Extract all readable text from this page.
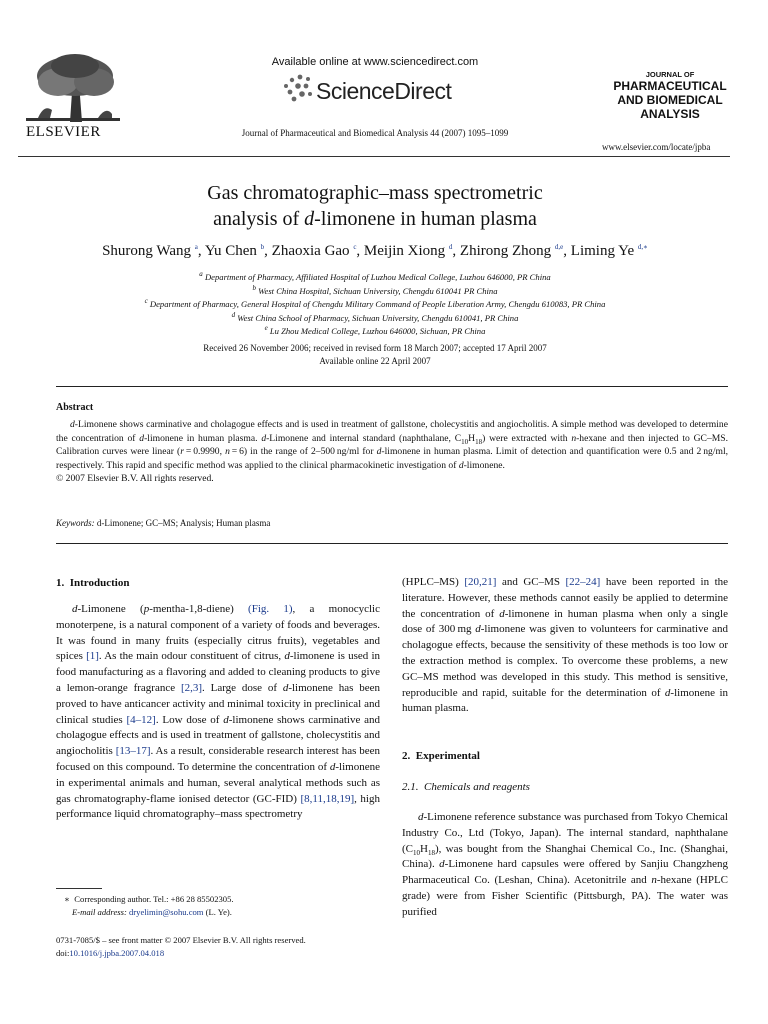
ELSEVIER
Available online at www.sciencedirect.com
ScienceDirect
Journal of Pharmaceutical and Biomedical Analysis 44 (2007) 1095–1099
JOURNAL OF
PHARMACEUTICAL
AND BIOMEDICAL
ANALYSIS
www.elsevier.com/locate/jpba
Gas chromatographic–mass spectrometric
analysis of d-limonene in human plasma
Shurong Wang $^a$, Yu Chen $^b$, Zhaoxia Gao $^c$, Meijin Xiong $^d$, Zhirong Zhong $^{d,e}$, Liming Ye $^{d,∗}$
$^a$ Department of Pharmacy, Affiliated Hospital of Luzhou Medical College, Luzhou 646000, PR China
$^b$ West China Hospital, Sichuan University, Chengdu 610041 PR China
$^c$ Department of Pharmacy, General Hospital of Chengdu Military Command of People Liberation Army, Chengdu 610083, PR China
$^d$ West China School of Pharmacy, Sichuan University, Chengdu 610041, PR China
$^e$ Lu Zhou Medical College, Luzhou 646000, Sichuan, PR China
Received 26 November 2006; received in revised form 18 March 2007; accepted 17 April 2007
Available online 22 April 2007
Abstract
d-Limonene shows carminative and cholagogue effects and is used in treatment of gallstone, cholecystitis and angiocholitis. A simple method was developed to determine the concentration of d-limonene in human plasma. d-Limonene and internal standard (naphthalane, $C_{10}H_{18}$) were extracted with n-hexane and then injected to GC–MS. Calibration curves were linear (r = 0.9990, n = 6) in the range of 2–500 ng/ml for d-limonene in human plasma. Limit of detection and quantification were 0.5 and 2 ng/ml, respectively. This rapid and specific method was applied to the clinical pharmacokinetic investigation of d-limonene.
© 2007 Elsevier B.V. All rights reserved.
Keywords: d-Limonene; GC–MS; Analysis; Human plasma
1.  Introduction

d-Limonene (p-mentha-1,8-diene) (Fig. 1), a monocyclic monoterpene, is a natural component of a variety of foods and beverages. It was found in many fruits (especially citrus fruits), vegetables and spices [1]. As the main odour constituent of citrus, d-limonene is used in food manufacturing as a flavoring and added to cleaning products to give a lemon-orange fragrance [2,3]. Large dose of d-limonene has been proved to have anticancer activity and minimal toxicity in preclinical and clinical studies [4–12]. Low dose of d-limonene shows carminative and cholagogue effects and is used in treatment of gallstone, cholecystitis and angiocholitis [13–17]. As a result, considerable research interest has been focused on this compound. To determine the concentration of d-limonene in experimental animals and human, several analytical methods such as gas chromatography-flame ionised detector (GC-FID) [8,11,18,19], high performance liquid chromatography–mass spectrometry

∗ Corresponding author. Tel.: +86 28 85502305.
E-mail address: dryelimin@sohu.com (L. Ye).
0731-7085/$ – see front matter © 2007 Elsevier B.V. All rights reserved.
doi:10.1016/j.jpba.2007.04.018

(HPLC–MS) [20,21] and GC–MS [22–24] have been reported in the literature. However, these methods cannot easily be applied to determine the concentration of d-limonene in human plasma when only a single dose of 300 mg d-limonene was given to volunteers for carminative and cholagogue effects, because the sensitivity of these methods is too low or the extraction method is complex. To overcome these problems, a new GC–MS method was developed in this study. This method is sensitive, reproducible and rapid, suitable for the determination of d-limonene in human plasma.

2.  Experimental
2.1.  Chemicals and reagents

d-Limonene reference substance was purchased from Tokyo Chemical Industry Co., Ltd (Tokyo, Japan). The internal standard, naphthalane $(C_{10}H_{18})$, was bought from the Shanghai Chemical Co., Inc. (Shanghai, China). d-Limonene hard capsules were offered by Sanjiu Changzheng Pharmaceutical Co. (Leshan, China). Acetonitrile and n-hexane (HPLC grade) were from Fisher Scientific (Pittsburgh, PA). The water was purified
